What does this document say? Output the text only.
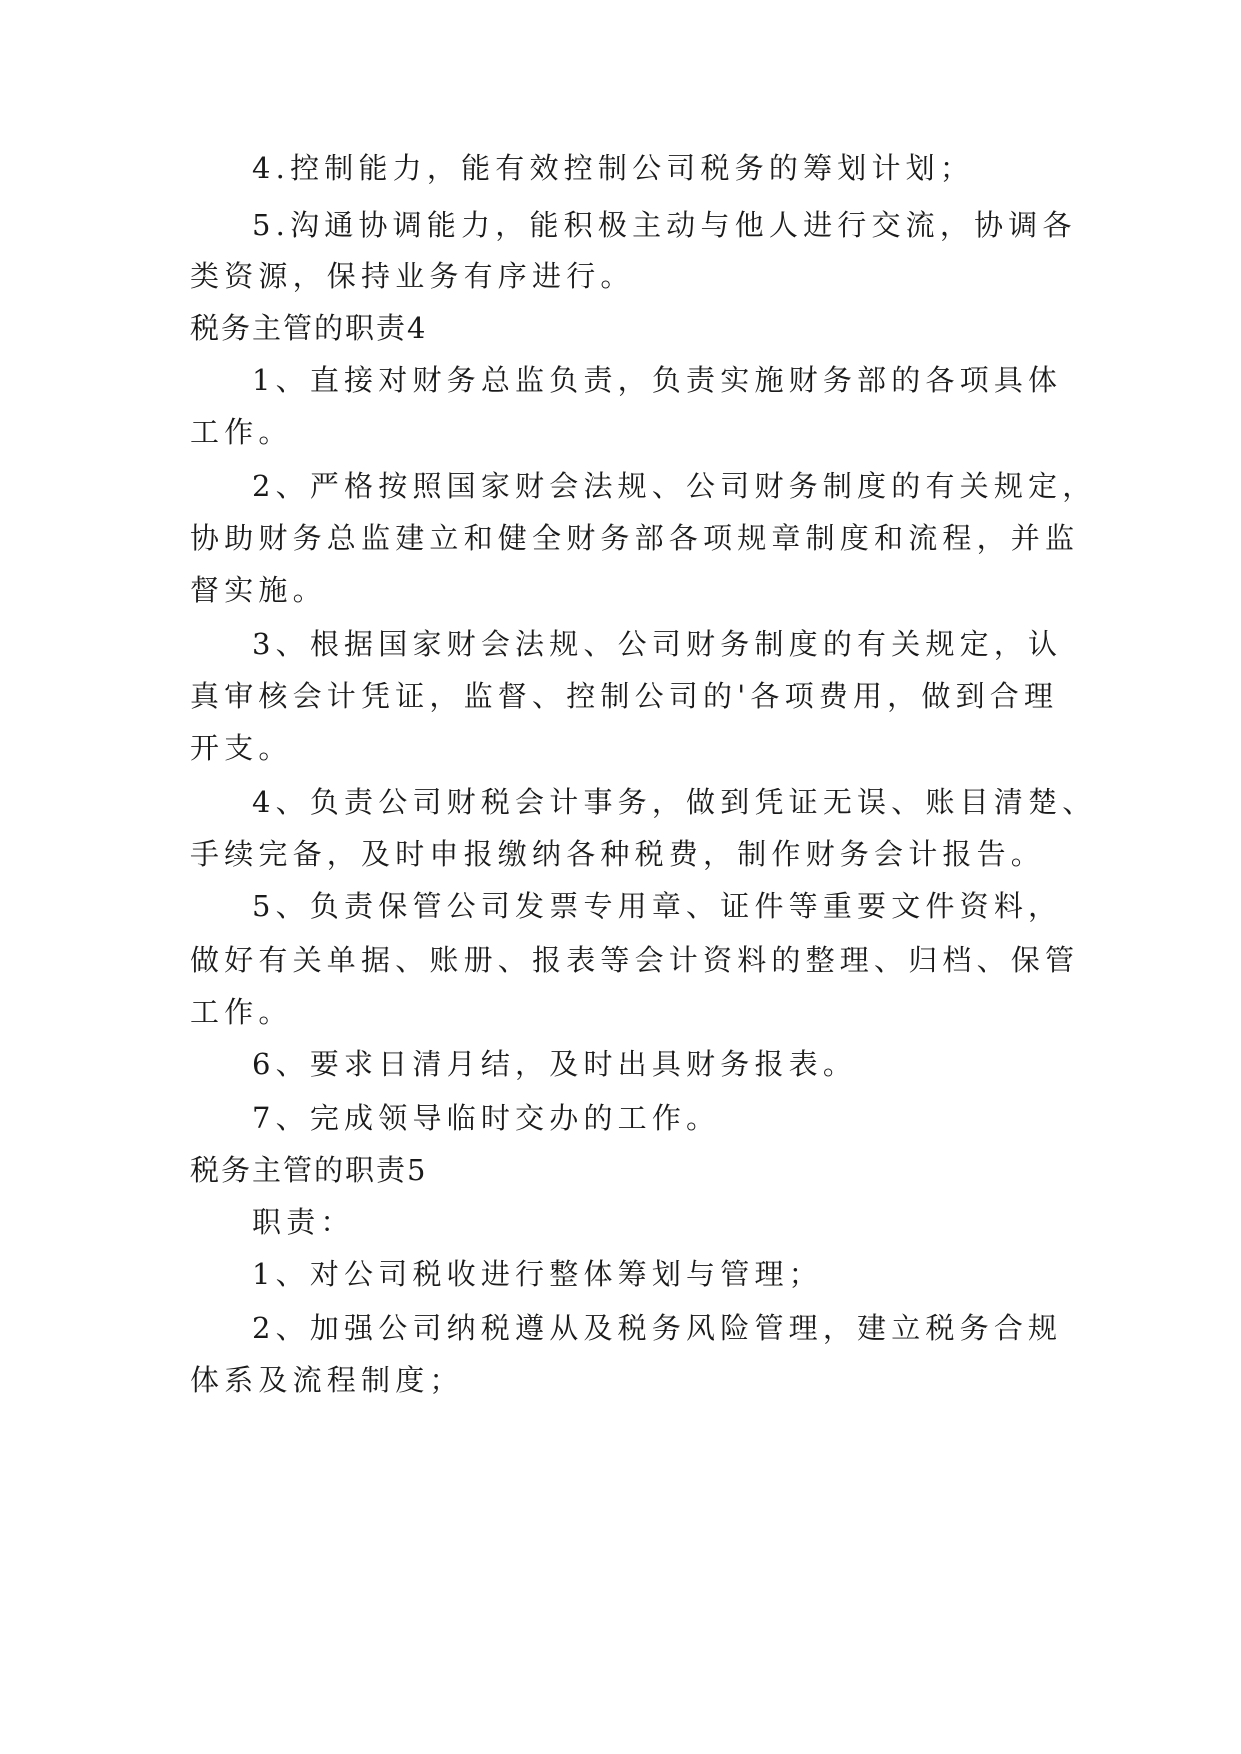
4.控制能力，能有效控制公司税务的筹划计划；
5.沟通协调能力，能积极主动与他人进行交流，协调各
类资源，保持业务有序进行。
税务主管的职责4
1、直接对财务总监负责，负责实施财务部的各项具体
工作。
2、严格按照国家财会法规、公司财务制度的有关规定，
协助财务总监建立和健全财务部各项规章制度和流程，并监
督实施。
3、根据国家财会法规、公司财务制度的有关规定，认
真审核会计凭证，监督、控制公司的'各项费用，做到合理
开支。
4、负责公司财税会计事务，做到凭证无误、账目清楚、
手续完备，及时申报缴纳各种税费，制作财务会计报告。
5、负责保管公司发票专用章、证件等重要文件资料，
做好有关单据、账册、报表等会计资料的整理、归档、保管
工作。
6、要求日清月结，及时出具财务报表。
7、完成领导临时交办的工作。
税务主管的职责5
职责：
1、对公司税收进行整体筹划与管理；
2、加强公司纳税遵从及税务风险管理，建立税务合规
体系及流程制度；
